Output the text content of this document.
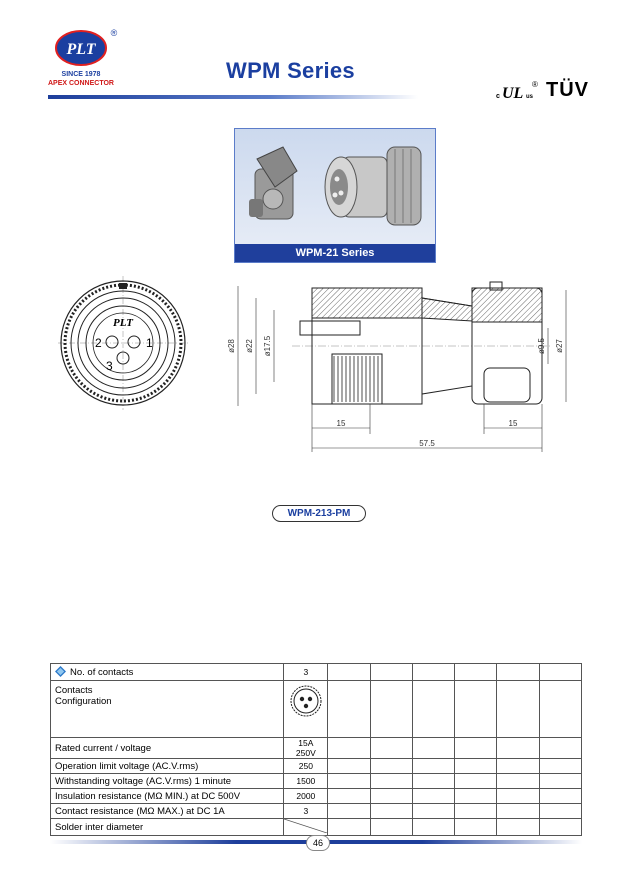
PLT
®
SINCE 1978
APEX CONNECTOR
WPM Series
c UL us
® TÜV
WPM-21 Series
PLT
1
2
3
ø28 ø22 ø17.5	ø9.5 ø27
15	15
57.5
WPM-213-PM
No. of contacts	3						

Contacts
Configuration

Rated current / voltage	15A 250V						
Operation limit voltage (AC.V.rms)	250						
Withstanding voltage (AC.V.rms) 1 minute	1500						
Insulation resistance (MΩ MIN.) at DC 500V	2000						
Contact resistance (MΩ MAX.) at DC 1A	3						
Solder inter diameter							
46
